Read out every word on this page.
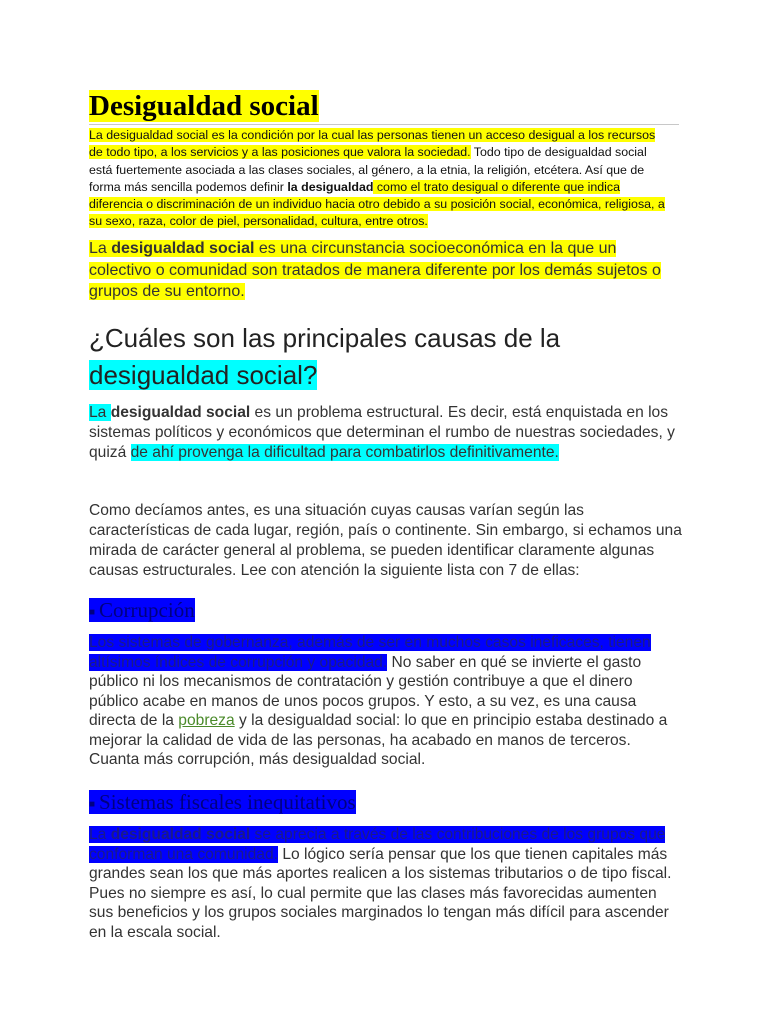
Desigualdad social

La desigualdad social es la condición por la cual las personas tienen un acceso desigual a los recursos de todo tipo, a los servicios y a las posiciones que valora la sociedad. Todo tipo de desigualdad social está fuertemente asociada a las clases sociales, al género, a la etnia, la religión, etcétera. Así que de forma más sencilla podemos definir la desigualdad como el trato desigual o diferente que indica diferencia o discriminación de un individuo hacia otro debido a su posición social, económica, religiosa, a su sexo, raza, color de piel, personalidad, cultura, entre otros.

La desigualdad social es una circunstancia socioeconómica en la que un colectivo o comunidad son tratados de manera diferente por los demás sujetos o grupos de su entorno.

¿Cuáles son las principales causas de la desigualdad social?

La desigualdad social es un problema estructural. Es decir, está enquistada en los sistemas políticos y económicos que determinan el rumbo de nuestras sociedades, y quizá de ahí provenga la dificultad para combatirlos definitivamente.

Como decíamos antes, es una situación cuyas causas varían según las características de cada lugar, región, país o continente. Sin embargo, si echamos una mirada de carácter general al problema, se pueden identificar claramente algunas causas estructurales. Lee con atención la siguiente lista con 7 de ellas:

■ Corrupción

Los sistemas de gobernanza, además de ser en muchos casos ineficaces, tienen altísimos índices de corrupción y opacidad. No saber en qué se invierte el gasto público ni los mecanismos de contratación y gestión contribuye a que el dinero público acabe en manos de unos pocos grupos. Y esto, a su vez, es una causa directa de la pobreza y la desigualdad social: lo que en principio estaba destinado a mejorar la calidad de vida de las personas, ha acabado en manos de terceros. Cuanta más corrupción, más desigualdad social.

■ Sistemas fiscales inequitativos

La desigualdad social se aprecia a través de las contribuciones de los grupos que conforman una comunidad. Lo lógico sería pensar que los que tienen capitales más grandes sean los que más aportes realicen a los sistemas tributarios o de tipo fiscal. Pues no siempre es así, lo cual permite que las clases más favorecidas aumenten sus beneficios y los grupos sociales marginados lo tengan más difícil para ascender en la escala social.
